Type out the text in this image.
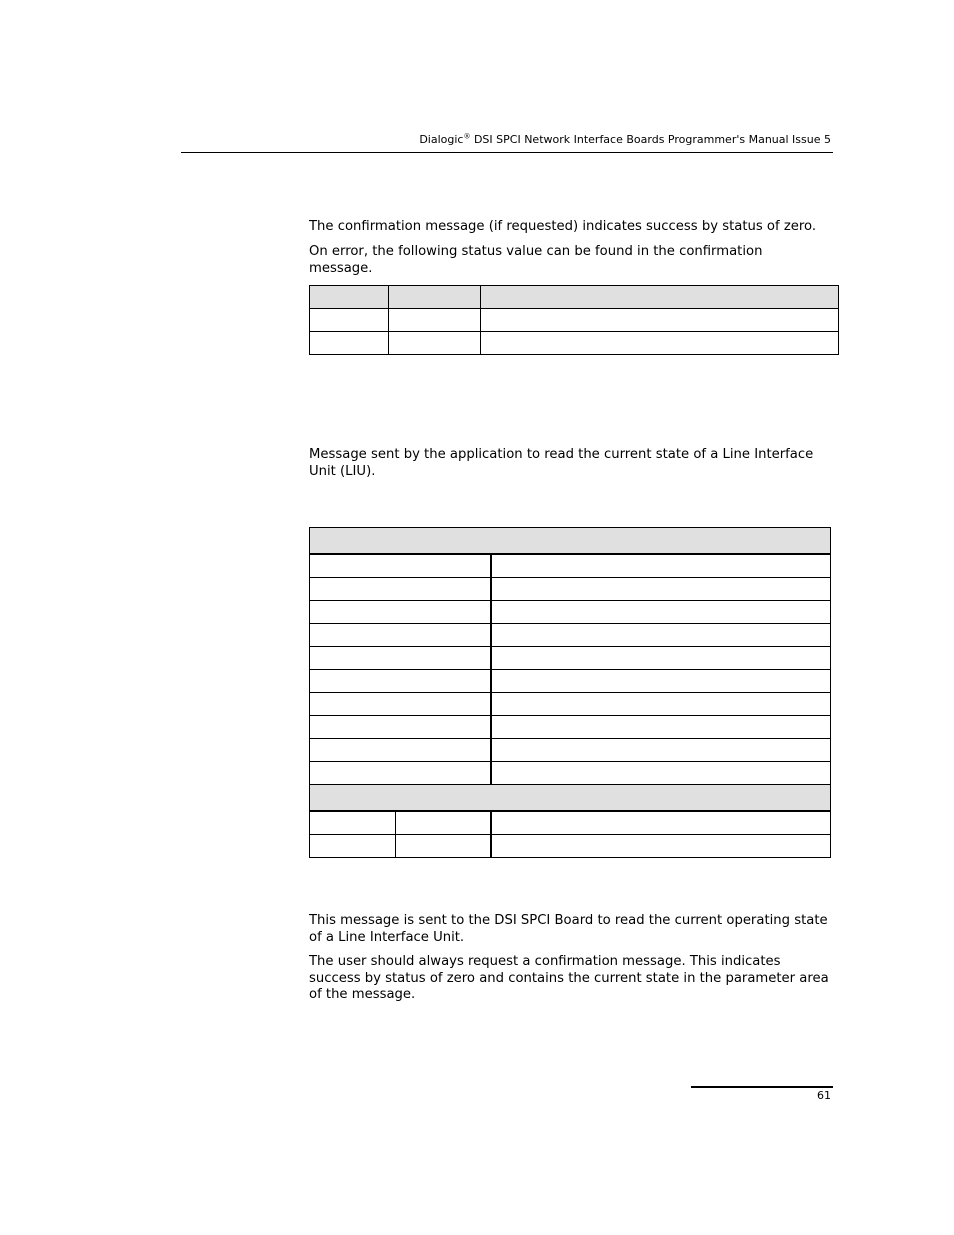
Dialogic® DSI SPCI Network Interface Boards Programmer's Manual Issue 5
The confirmation message (if requested) indicates success by status of zero.
On error, the following status value can be found in the confirmation message.

Message sent by the application to read the current state of a Line Interface Unit (LIU).

This message is sent to the DSI SPCI Board to read the current operating state of a Line Interface Unit.
The user should always request a confirmation message. This indicates success by status of zero and contains the current state in the parameter area of the message.
61
